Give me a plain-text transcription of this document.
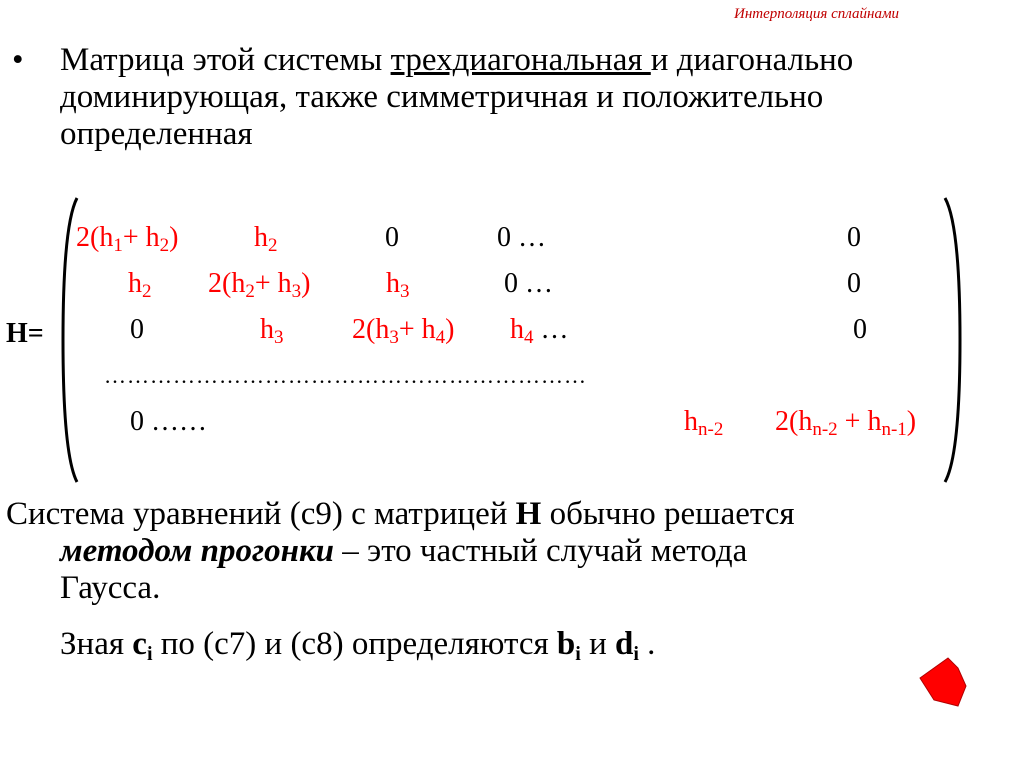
Интерполяция сплайнами
• Матрица этой системы трехдиагональная и диагонально доминирующая, также симметричная и положительно определенная
H=
$2(h_1+ h_2)$	$h_2$	0	0 …	0
$h_2$ $2(h_2+ h_3)$	$h_3$	0 …	0
0	$h_3$ $2(h_3+ h_4)$ $h_4$ …	0
………………………………………………………
0 ……	$h_{n-2}$ $2(h_{n-2} + h_{n-1})$
Система уравнений (с9) с матрицей H обычно решается
методом прогонки – это частный случай метода
Гаусса.
Зная $c_i$ по (с7) и (с8) определяются $b_i$ и $d_i$ .
